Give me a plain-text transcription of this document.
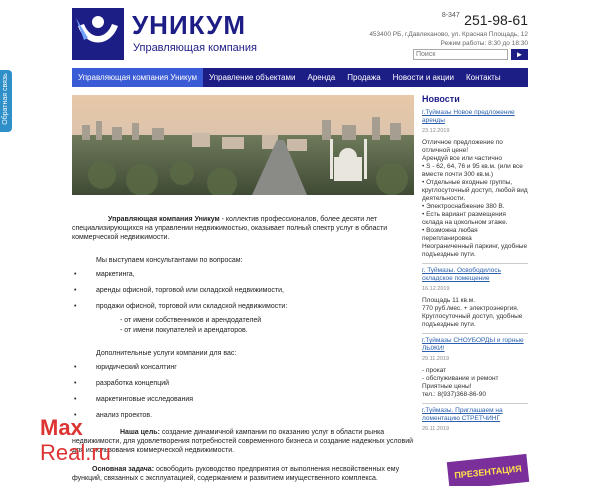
Обратная связь
УНИКУМ
Управляющая компания
$^{8-347}$ 251-98-61
453400 РБ, г.Давлеканово, ул. Красная Площадь, 12
Режим работы: 8:30 до 18:30
Поиск
►
Управляющая компания Уникум	Управление объектами	Аренда	Продажа	Новости и акции	Контакты

Управляющая компания Уникум - коллектив профессионалов, более десяти лет специализирующихся на управлении недвижимостью, оказывает полный спектр услуг в области коммерческой недвижимости.

Мы выступаем консультантами по вопросам:

• маркетинга,
• аренды офисной, торговой или складской недвижимости,
• продажи офисной, торговой или складской недвижимости:
- от имени собственников и арендодателей
- от имени покупателей и арендаторов.

Дополнительные услуги компании для вас:

• юридический консалтинг
• разработка концепций
• маркетинговые исследования
• анализ проектов.

Наша цель: создание динамичной кампании по оказанию услуг в области рынка недвижимости, для удовлетворения потребностей современного бизнеса и создание надежных условий для использования коммерческой недвижимости.

Основная задача: освободить руководство предприятия от выполнения несвойственных ему функций, связанных с эксплуатацией, содержанием и развитием имущественного комплекса.

Новости
г.Туймазы Новое предложение аренды
23.12.2019
Отличное предложение по отличной цене!
Арендуй все или частично
• S - 62, 64, 76 и 95 кв.м. (или все вместе почти 300 кв.м.)
• Отдельные входные группы, круглосуточный доступ, любой вид деятельности.
• Электроснабжение 380 В.
• Есть вариант размещения склада на цокольном этаже.
• Возможна любая перепланировка
Неограниченный паркинг, удобные подъездные пути.
г. Туймазы. Освободилось складское помещение
16.12.2019
Площадь 11 кв.м.
770 руб./мес. + электроэнергия.
Круглосуточный доступ, удобные подъездные пути.
г.Туймазы СНОУБОРДЫ и горные ЛЫЖИ!
29.11.2019
- прокат
- обслуживание и ремонт
Приятные цены!
тел.: 8(937)368-86-90
г.Туймазы. Приглашаем на ломентацию СТРЕТЧИНГ
26.11.2019
ПРЕЗЕНТАЦИЯ
Max
Real.ru
